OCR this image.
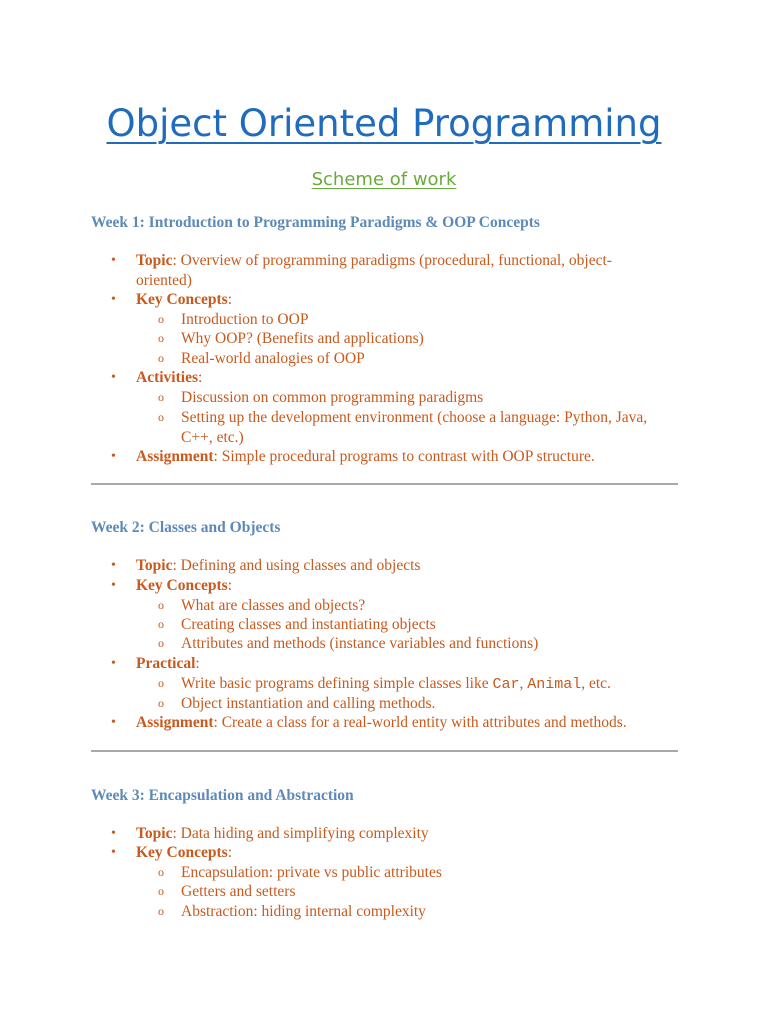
Object Oriented Programming
Scheme of work
Week 1: Introduction to Programming Paradigms & OOP Concepts
• Topic: Overview of programming paradigms (procedural, functional, object-
oriented)
• Key Concepts:
o Introduction to OOP
o Why OOP? (Benefits and applications)
o Real-world analogies of OOP
• Activities:
o Discussion on common programming paradigms
o Setting up the development environment (choose a language: Python, Java,
C++, etc.)
• Assignment: Simple procedural programs to contrast with OOP structure.
Week 2: Classes and Objects
• Topic: Defining and using classes and objects
• Key Concepts:
o What are classes and objects?
o Creating classes and instantiating objects
o Attributes and methods (instance variables and functions)
• Practical:
o Write basic programs defining simple classes like Car, Animal, etc.
o Object instantiation and calling methods.
• Assignment: Create a class for a real-world entity with attributes and methods.
Week 3: Encapsulation and Abstraction
• Topic: Data hiding and simplifying complexity
• Key Concepts:
o Encapsulation: private vs public attributes
o Getters and setters
o Abstraction: hiding internal complexity
